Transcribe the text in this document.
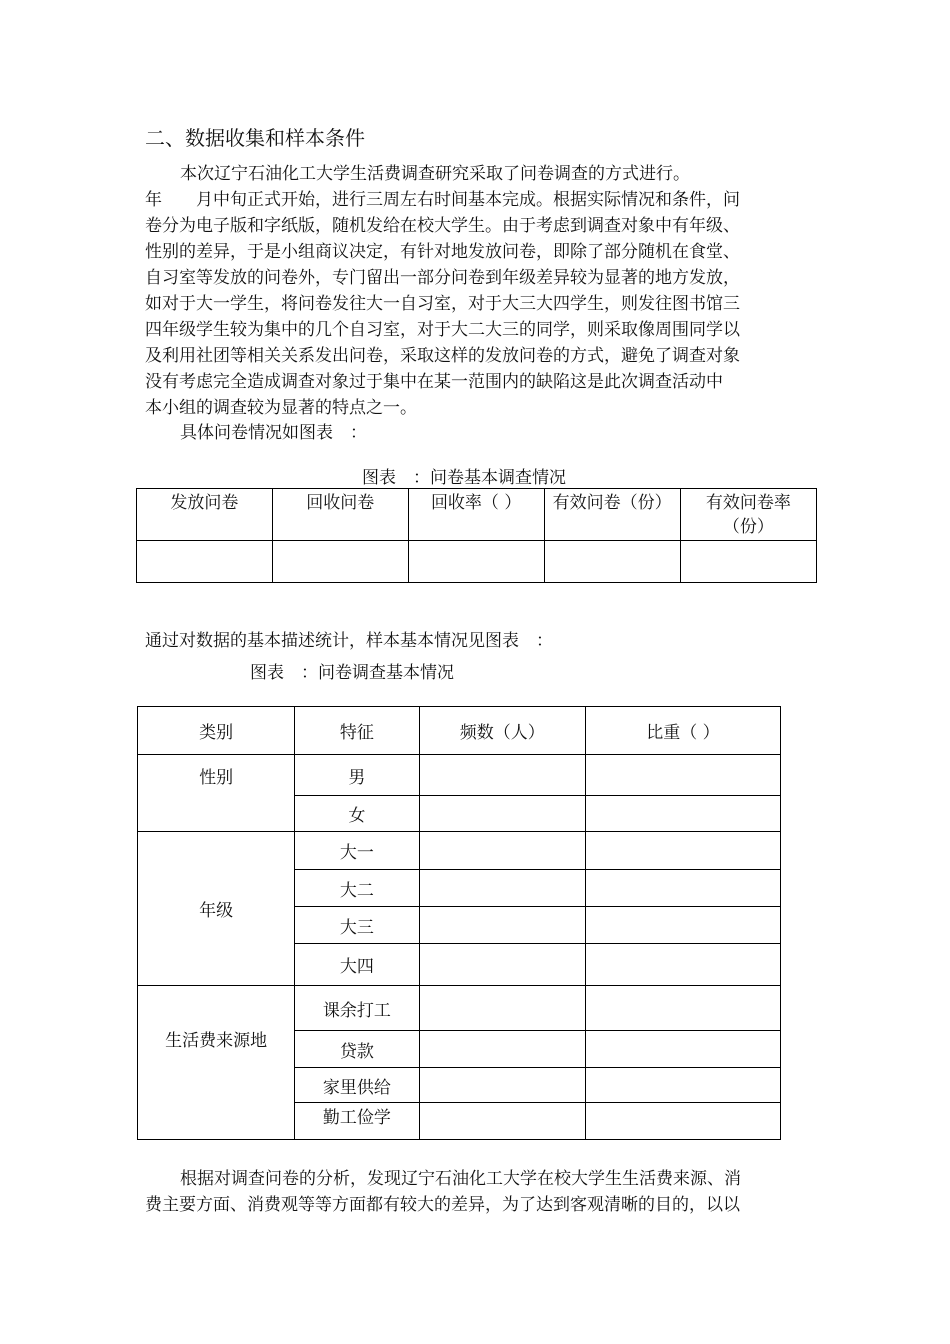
二、数据收集和样本条件
本次辽宁石油化工大学生活费调查研究采取了问卷调查的方式进行。
年　　月中旬正式开始，进行三周左右时间基本完成。根据实际情况和条件，问
卷分为电子版和字纸版，随机发给在校大学生。由于考虑到调查对象中有年级、
性别的差异，于是小组商议决定，有针对地发放问卷，即除了部分随机在食堂、
自习室等发放的问卷外，专门留出一部分问卷到年级差异较为显著的地方发放，
如对于大一学生，将问卷发往大一自习室，对于大三大四学生，则发往图书馆三
四年级学生较为集中的几个自习室，对于大二大三的同学，则采取像周围同学以
及利用社团等相关关系发出问卷，采取这样的发放问卷的方式，避免了调查对象
没有考虑完全造成调查对象过于集中在某一范围内的缺陷这是此次调查活动中
本小组的调查较为显著的特点之一。
具体问卷情况如图表　：
图表　：问卷基本调查情况
发放问卷	回收问卷	回收率（ ）	有效问卷（份）	有效问卷率
（份）

通过对数据的基本描述统计，样本基本情况见图表　：
图表　：问卷调查基本情况
类别	特征	频数（人）	比重（ ）
性别	男		
	女		
年级	大一		
	大二		
	大三		
	大四		
生活费来源地	课余打工		
	贷款		
	家里供给		
	勤工俭学		
根据对调查问卷的分析，发现辽宁石油化工大学在校大学生生活费来源、消
费主要方面、消费观等等方面都有较大的差异，为了达到客观清晰的目的，以以
